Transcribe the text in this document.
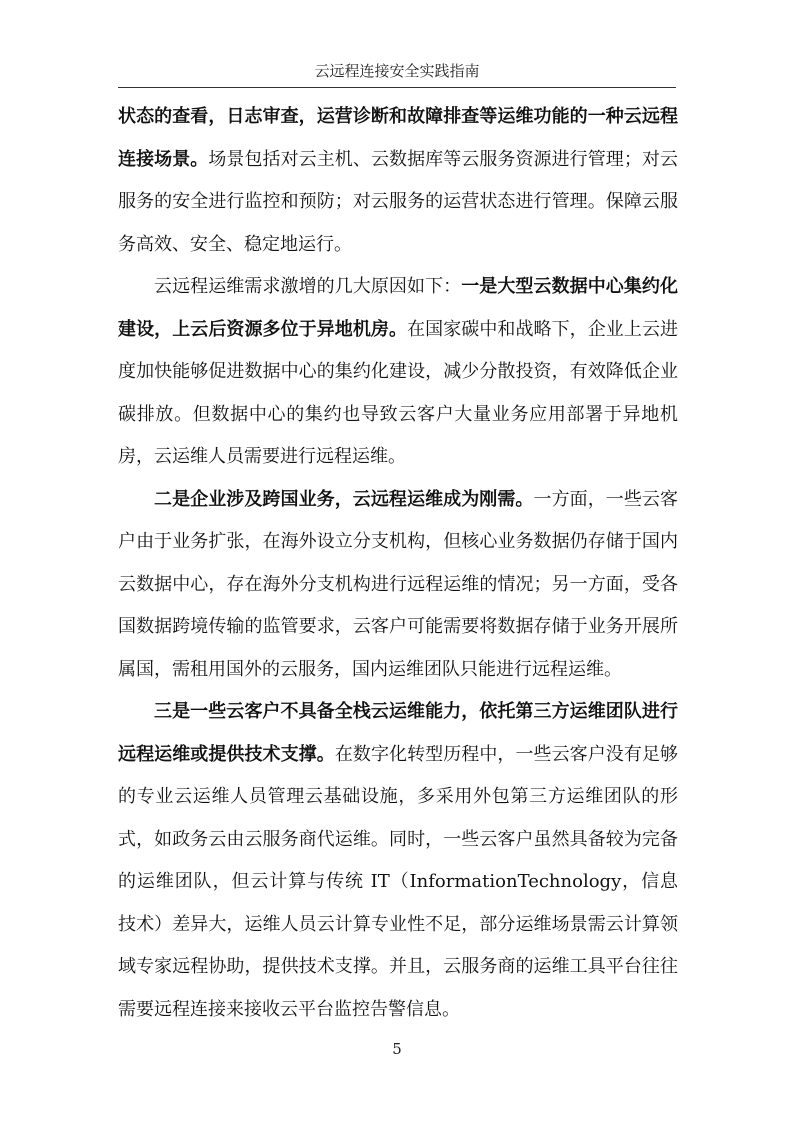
云远程连接安全实践指南

状态的查看，日志审查，运营诊断和故障排查等运维功能的一种云远程连接场景。场景包括对云主机、云数据库等云服务资源进行管理；对云服务的安全进行监控和预防；对云服务的运营状态进行管理。保障云服务高效、安全、稳定地运行。

云远程运维需求激增的几大原因如下：一是大型云数据中心集约化建设，上云后资源多位于异地机房。在国家碳中和战略下，企业上云进度加快能够促进数据中心的集约化建设，减少分散投资，有效降低企业碳排放。但数据中心的集约也导致云客户大量业务应用部署于异地机房，云运维人员需要进行远程运维。

二是企业涉及跨国业务，云远程运维成为刚需。一方面，一些云客户由于业务扩张，在海外设立分支机构，但核心业务数据仍存储于国内云数据中心，存在海外分支机构进行远程运维的情况；另一方面，受各国数据跨境传输的监管要求，云客户可能需要将数据存储于业务开展所属国，需租用国外的云服务，国内运维团队只能进行远程运维。

三是一些云客户不具备全栈云运维能力，依托第三方运维团队进行远程运维或提供技术支撑。在数字化转型历程中，一些云客户没有足够的专业云运维人员管理云基础设施，多采用外包第三方运维团队的形式，如政务云由云服务商代运维。同时，一些云客户虽然具备较为完备的运维团队，但云计算与传统 IT（InformationTechnology，信息技术）差异大，运维人员云计算专业性不足，部分运维场景需云计算领域专家远程协助，提供技术支撑。并且，云服务商的运维工具平台往往需要远程连接来接收云平台监控告警信息。

5
